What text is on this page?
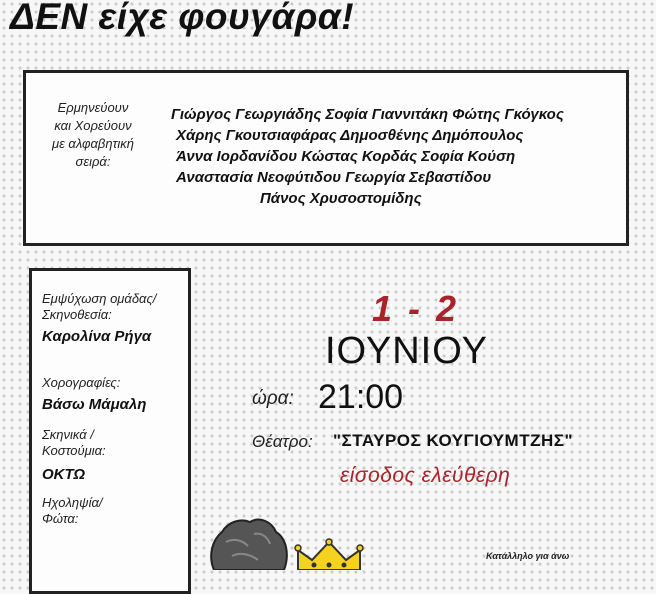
ΔΕΝ είχε φουγάρα!
Ερμηνεύουν και Χορεύουν με αλφαβητική σειρά:
Γιώργος Γεωργιάδης Σοφία Γιαννιτάκη Φώτης Γκόγκος
Χάρης Γκουτσιαφάρας Δημοσθένης Δημόπουλος
Άννα Ιορδανίδου Κώστας Κορδάς Σοφία Κούση
Αναστασία Νεοφύτιδου Γεωργία Σεβαστίδου
Πάνος Χρυσοστομίδης
Εμψύχωση ομάδας/ Σκηνοθεσία:
Καρολίνα Ρήγα
Χορογραφίες:
Βάσω Μάμαλη
Σκηνικά / Κοστούμια:
ΟΚΤΩ
Ηχοληψία/ Φώτα:
1 - 2
ΙΟΥΝΙΟΥ
ώρα: 21:00
Θέατρο: "ΣΤΑΥΡΟΣ ΚΟΥΓΙΟΥΜΤΖΗΣ"
είσοδος ελεύθερη
Κατάλληλο για άνω
